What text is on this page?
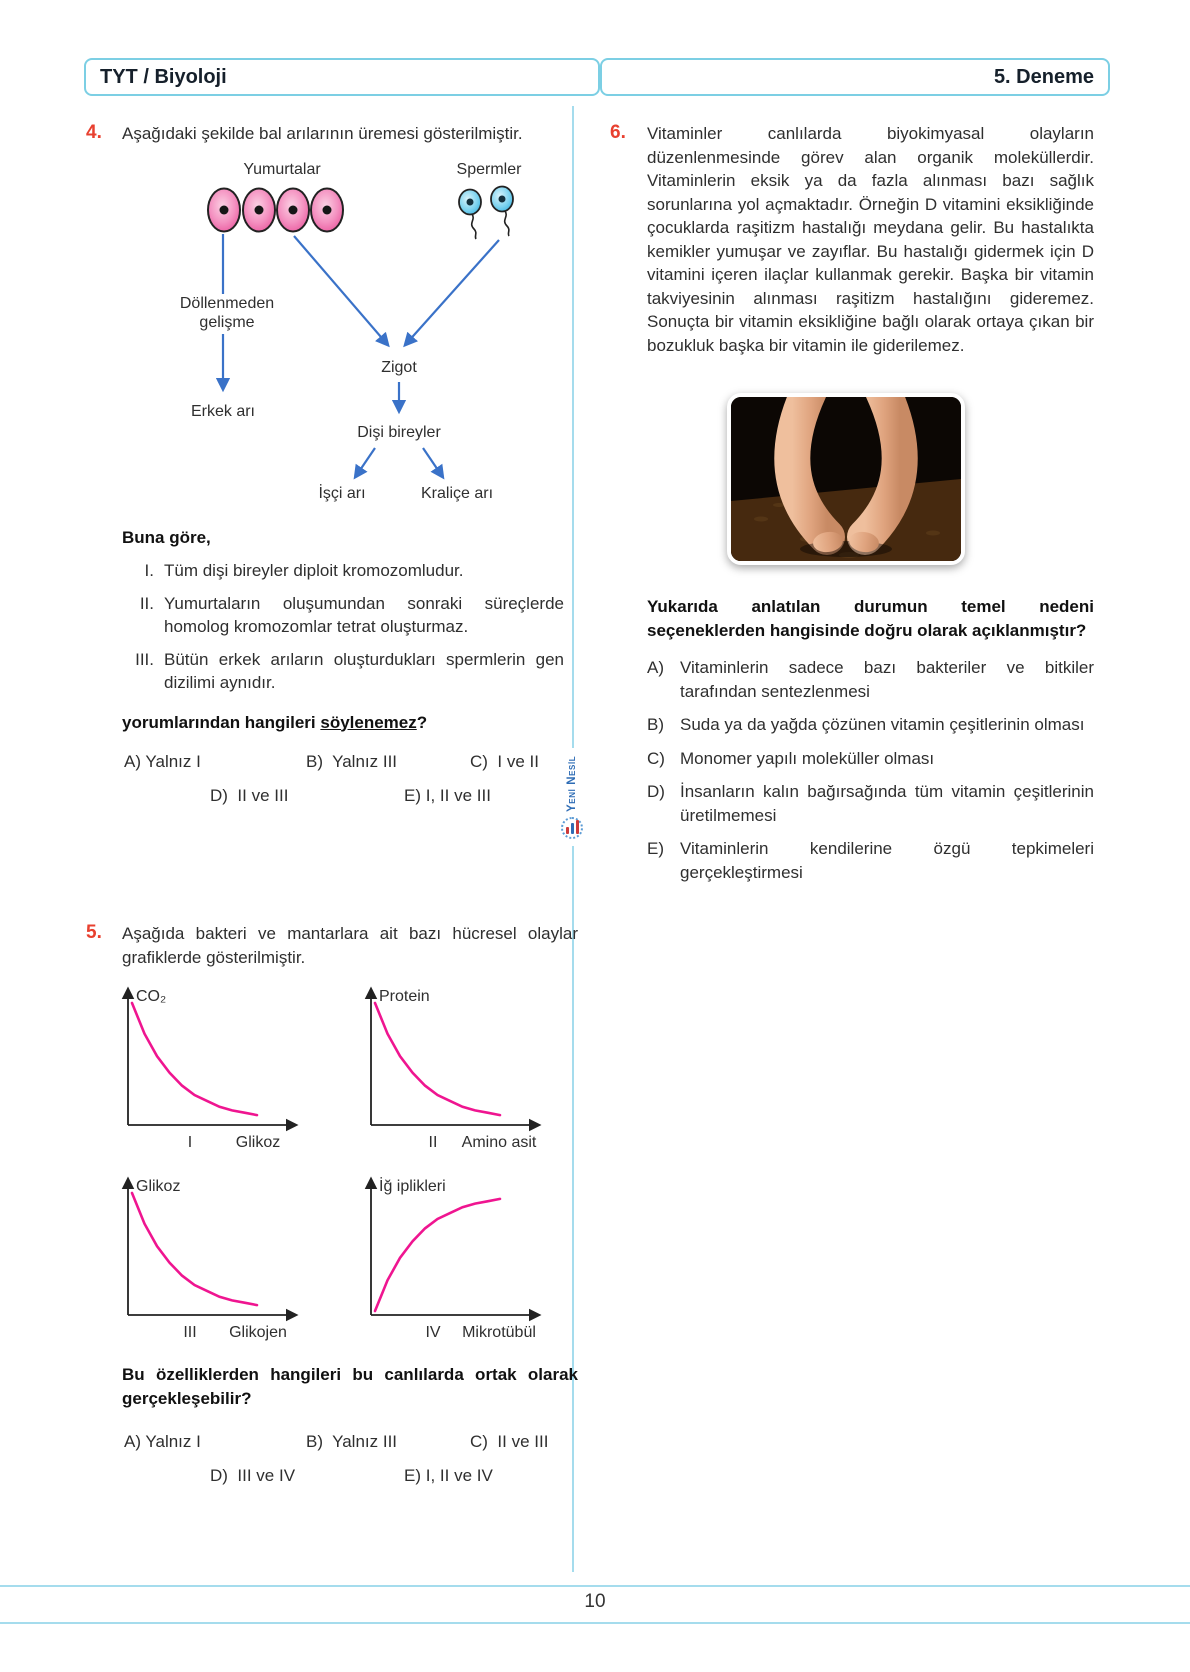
TYT / Biyoloji	5. Deneme
Yeni Nesil
4.	Aşağıdaki şekilde bal arılarının üremesi gösterilmiştir.
Yumurtalar	Spermler
Döllenmeden
gelişme
Erkek arı
Zigot
Dişi bireyler
İşçi arı	Kraliçe arı
Buna göre,
I. Tüm dişi bireyler diploit kromozomludur.
II. Yumurtaların oluşumundan sonraki süreçlerde homolog kromozomlar tetrat oluşturmaz.
III. Bütün erkek arıların oluşturdukları spermlerin gen dizilimi aynıdır.
yorumlarından hangileri söylenemez?
A) Yalnız I	B) Yalnız III	C) I ve II
D) II ve III	E) I, II ve III
5.	Aşağıda bakteri ve mantarlara ait bazı hücresel olaylar grafiklerde gösterilmiştir.
CO₂
I	Glikoz
Protein
II Amino asit
Glikoz
III Glikojen
İğ iplikleri
IV Mikrotübül
Bu özelliklerden hangileri bu canlılarda ortak olarak gerçekleşebilir?
A) Yalnız I	B) Yalnız III	C) II ve III
D) III ve IV	E) I, II ve IV
6.	Vitaminler canlılarda biyokimyasal olayların düzenlenmesinde görev alan organik moleküllerdir. Vitaminlerin eksik ya da fazla alınması bazı sağlık sorunlarına yol açmaktadır. Örneğin D vitamini eksikliğinde çocuklarda raşitizm hastalığı meydana gelir. Bu hastalıkta kemikler yumuşar ve zayıflar. Bu hastalığı gidermek için D vitamini içeren ilaçlar kullanmak gerekir. Başka bir vitamin takviyesinin alınması raşitizm hastalığını gideremez. Sonuçta bir vitamin eksikliğine bağlı olarak ortaya çıkan bir bozukluk başka bir vitamin ile giderilemez.
Yukarıda anlatılan durumun temel nedeni seçeneklerden hangisinde doğru olarak açıklanmıştır?
A) Vitaminlerin sadece bazı bakteriler ve bitkiler tarafından sentezlenmesi
B) Suda ya da yağda çözünen vitamin çeşitlerinin olması
C) Monomer yapılı moleküller olması
D) İnsanların kalın bağırsağında tüm vitamin çeşitlerinin üretilmemesi
E) Vitaminlerin kendilerine özgü tepkimeleri gerçekleştirmesi
10
